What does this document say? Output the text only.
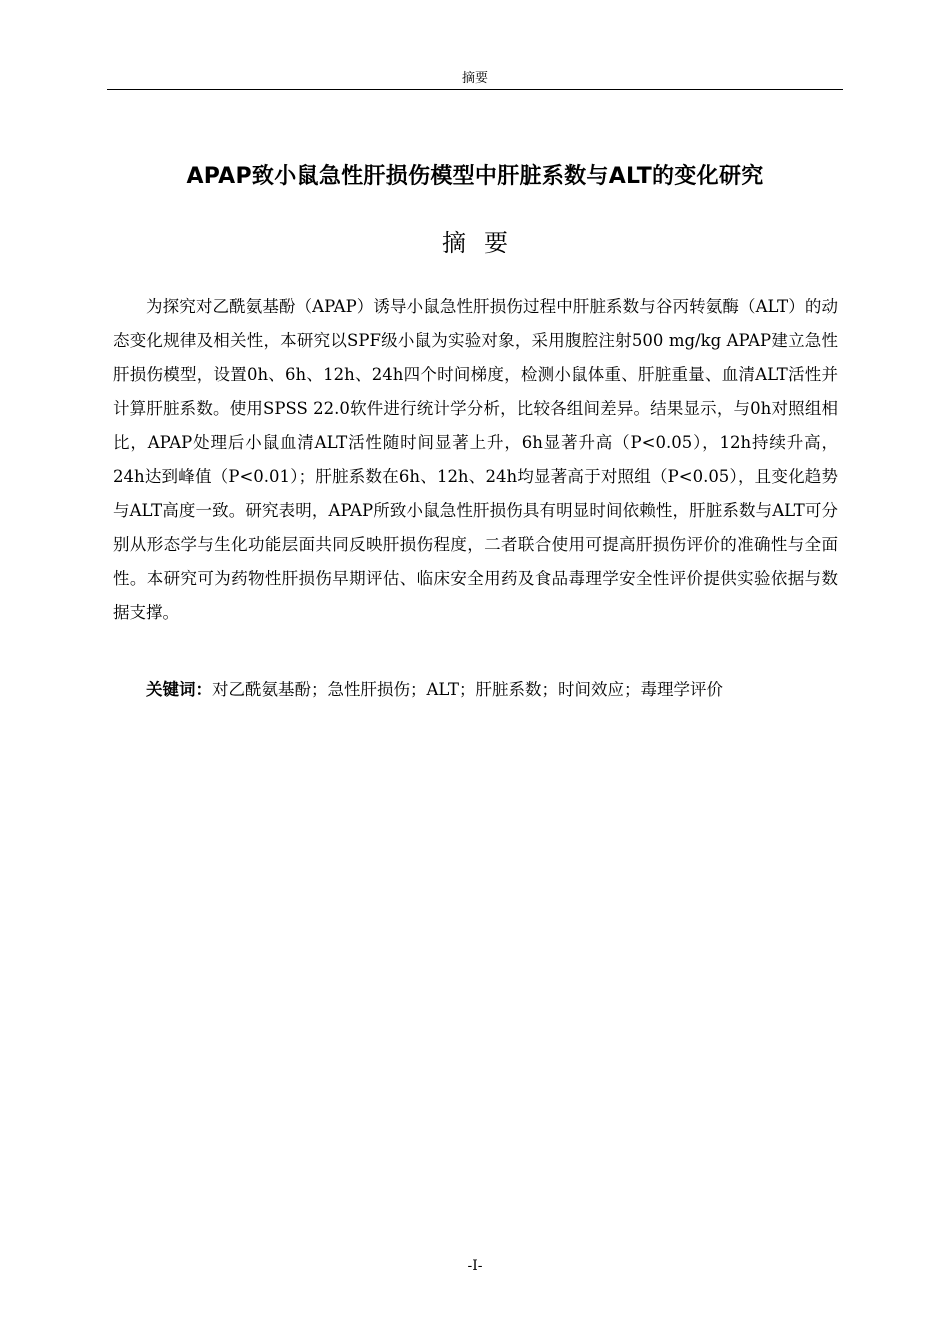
摘要
APAP致小鼠急性肝损伤模型中肝脏系数与ALT的变化研究
摘要

为探究对乙酰氨基酚（APAP）诱导小鼠急性肝损伤过程中肝脏系数与谷丙转氨酶（ALT）的动态变化规律及相关性，本研究以SPF级小鼠为实验对象，采用腹腔注射500 mg/kg APAP建立急性肝损伤模型，设置0h、6h、12h、24h四个时间梯度，检测小鼠体重、肝脏重量、血清ALT活性并计算肝脏系数。使用SPSS 22.0软件进行统计学分析，比较各组间差异。结果显示，与0h对照组相比，APAP处理后小鼠血清ALT活性随时间显著上升，6h显著升高（P<0.05），12h持续升高，24h达到峰值（P<0.01）；肝脏系数在6h、12h、24h均显著高于对照组（P<0.05），且变化趋势与ALT高度一致。研究表明，APAP所致小鼠急性肝损伤具有明显时间依赖性，肝脏系数与ALT可分别从形态学与生化功能层面共同反映肝损伤程度，二者联合使用可提高肝损伤评价的准确性与全面性。本研究可为药物性肝损伤早期评估、临床安全用药及食品毒理学安全性评价提供实验依据与数据支撑。

关键词：对乙酰氨基酚；急性肝损伤；ALT；肝脏系数；时间效应；毒理学评价

-I-
